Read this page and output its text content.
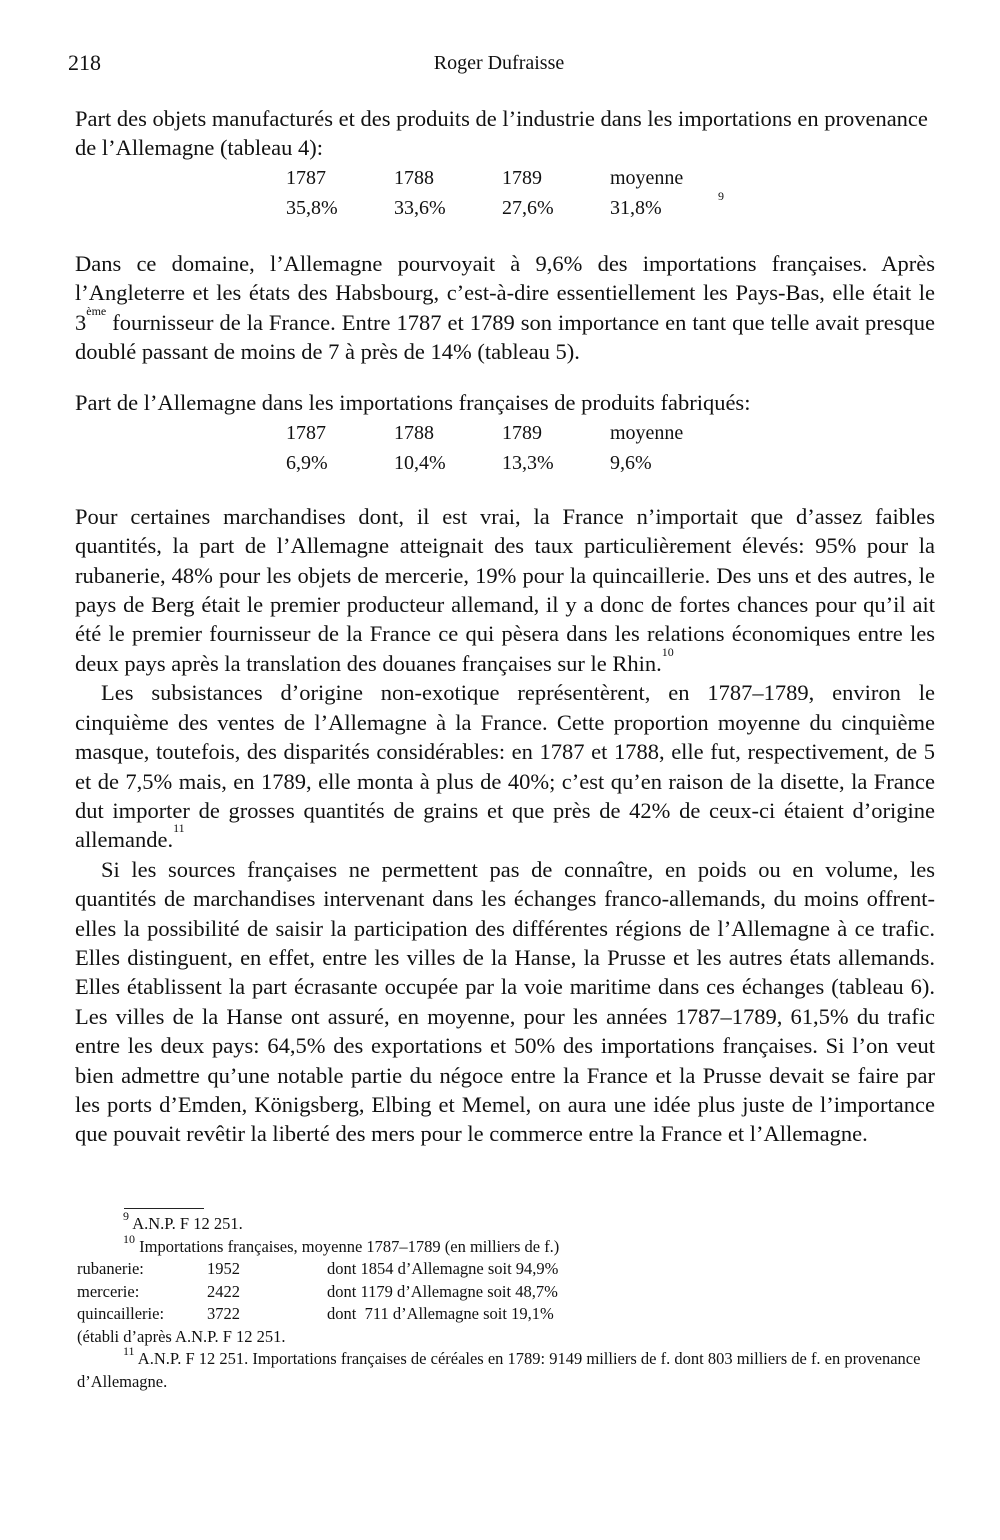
218	Roger Dufraisse

Part des objets manufacturés et des produits de l’industrie dans les importations en provenance de l’Allemagne (tableau 4):

1787	1788	1789	moyenne
35,8%	33,6%	27,6%	31,8%$^9$

Dans ce domaine, l’Allemagne pourvoyait à 9,6% des importations françaises. Après l’Angleterre et les états des Habsbourg, c’est-à-dire essentiellement les Pays-Bas, elle était le 3ème fournisseur de la France. Entre 1787 et 1789 son importance en tant que telle avait presque doublé passant de moins de 7 à près de 14% (tableau 5).

Part de l’Allemagne dans les importations françaises de produits fabriqués:

1787	1788	1789	moyenne
6,9%	10,4%	13,3%	9,6%

Pour certaines marchandises dont, il est vrai, la France n’importait que d’assez faibles quantités, la part de l’Allemagne atteignait des taux particulièrement élevés: 95% pour la rubanerie, 48% pour les objets de mercerie, 19% pour la quincaillerie. Des uns et des autres, le pays de Berg était le premier producteur allemand, il y a donc de fortes chances pour qu’il ait été le premier fournisseur de la France ce qui pèsera dans les relations économiques entre les deux pays après la translation des douanes françaises sur le Rhin.$^{10}$

Les subsistances d’origine non-exotique représentèrent, en 1787–1789, environ le cinquième des ventes de l’Allemagne à la France. Cette proportion moyenne du cinquième masque, toutefois, des disparités considérables: en 1787 et 1788, elle fut, respectivement, de 5 et de 7,5% mais, en 1789, elle monta à plus de 40%; c’est qu’en raison de la disette, la France dut importer de grosses quantités de grains et que près de 42% de ceux-ci étaient d’origine allemande.$^{11}$

Si les sources françaises ne permettent pas de connaître, en poids ou en volume, les quantités de marchandises intervenant dans les échanges franco-allemands, du moins offrent-elles la possibilité de saisir la participation des différentes régions de l’Allemagne à ce trafic. Elles distinguent, en effet, entre les villes de la Hanse, la Prusse et les autres états allemands. Elles établissent la part écrasante occupée par la voie maritime dans ces échanges (tableau 6). Les villes de la Hanse ont assuré, en moyenne, pour les années 1787–1789, 61,5% du trafic entre les deux pays: 64,5% des exportations et 50% des importations françaises. Si l’on veut bien admettre qu’une notable partie du négoce entre la France et la Prusse devait se faire par les ports d’Emden, Königsberg, Elbing et Memel, on aura une idée plus juste de l’importance que pouvait revêtir la liberté des mers pour le commerce entre la France et l’Allemagne.

$^9$ A.N.P. F 12 251.
$^{10}$ Importations françaises, moyenne 1787–1789 (en milliers de f.)
rubanerie:	1952	dont 1854 d’Allemagne soit 94,9%
mercerie:	2422	dont 1179 d’Allemagne soit 48,7%
quincaillerie:	3722	dont  711 d’Allemagne soit 19,1%
(établi d’après A.N.P. F 12 251.
$^{11}$ A.N.P. F 12 251. Importations françaises de céréales en 1789: 9149 milliers de f. dont 803 milliers de f. en provenance d’Allemagne.
